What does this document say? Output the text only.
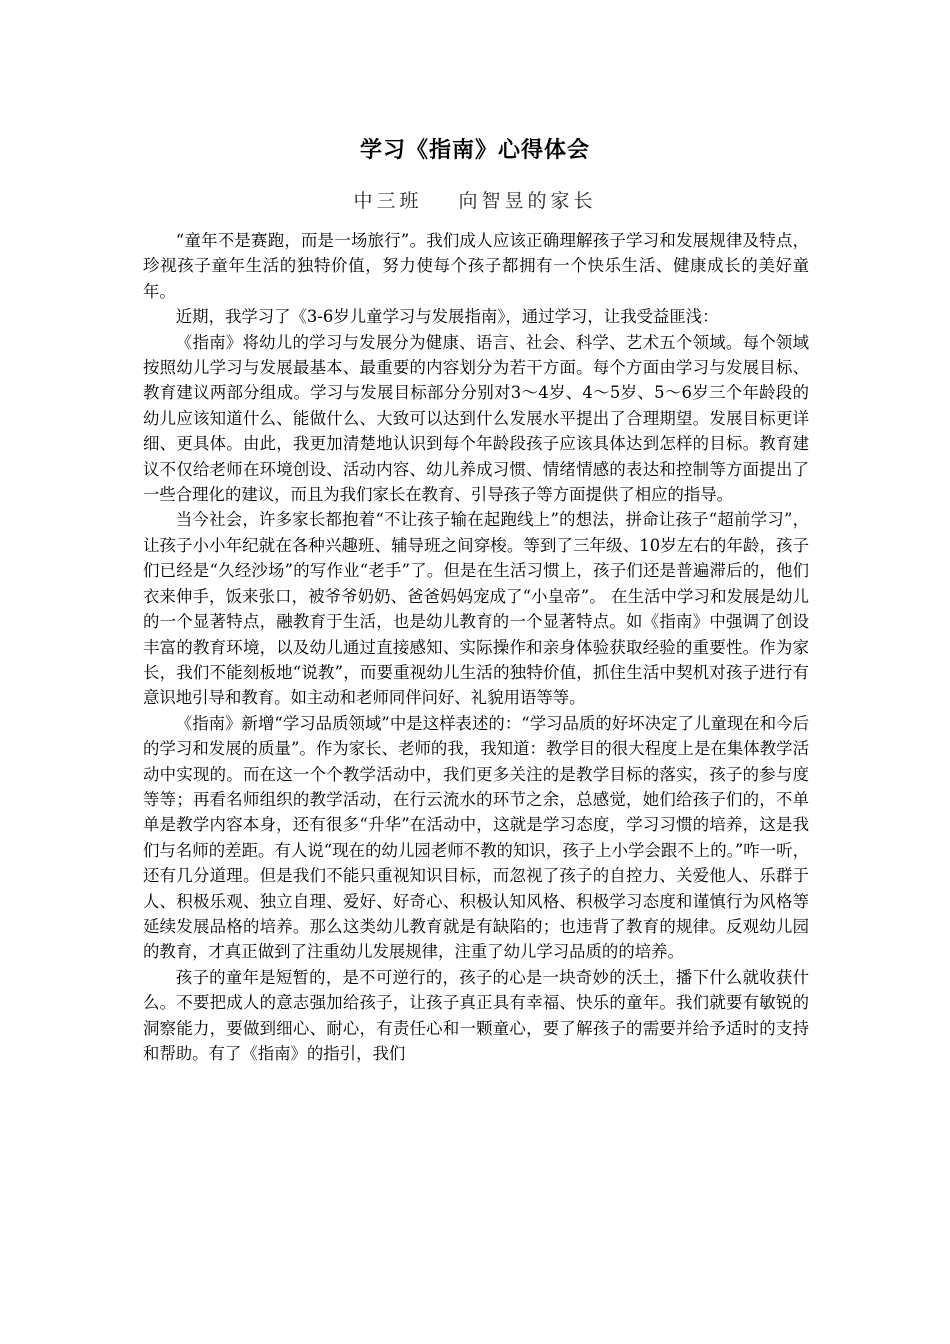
学习《指南》心得体会
中三班 向智昱的家长

“童年不是赛跑，而是一场旅行”。我们成人应该正确理解孩子学习和发展规律及特点，珍视孩子童年生活的独特价值，努力使每个孩子都拥有一个快乐生活、健康成长的美好童年。

近期，我学习了《3-6岁儿童学习与发展指南》，通过学习，让我受益匪浅：

《指南》将幼儿的学习与发展分为健康、语言、社会、科学、艺术五个领域。每个领域按照幼儿学习与发展最基本、最重要的内容划分为若干方面。每个方面由学习与发展目标、教育建议两部分组成。学习与发展目标部分分别对3～4岁、4～5岁、5～6岁三个年龄段的幼儿应该知道什么、能做什么、大致可以达到什么发展水平提出了合理期望。发展目标更详细、更具体。由此，我更加清楚地认识到每个年龄段孩子应该具体达到怎样的目标。教育建议不仅给老师在环境创设、活动内容、幼儿养成习惯、情绪情感的表达和控制等方面提出了一些合理化的建议，而且为我们家长在教育、引导孩子等方面提供了相应的指导。

当今社会，许多家长都抱着“不让孩子输在起跑线上”的想法，拼命让孩子“超前学习”，让孩子小小年纪就在各种兴趣班、辅导班之间穿梭。等到了三年级、10岁左右的年龄，孩子们已经是“久经沙场”的写作业“老手”了。但是在生活习惯上，孩子们还是普遍滞后的，他们衣来伸手，饭来张口，被爷爷奶奶、爸爸妈妈宠成了“小皇帝”。 在生活中学习和发展是幼儿的一个显著特点，融教育于生活，也是幼儿教育的一个显著特点。如《指南》中强调了创设丰富的教育环境，以及幼儿通过直接感知、实际操作和亲身体验获取经验的重要性。作为家长，我们不能刻板地“说教”，而要重视幼儿生活的独特价值，抓住生活中契机对孩子进行有意识地引导和教育。如主动和老师同伴问好、礼貌用语等等。

《指南》新增“学习品质领域”中是这样表述的：“学习品质的好坏决定了儿童现在和今后的学习和发展的质量”。作为家长、老师的我，我知道：教学目的很大程度上是在集体教学活动中实现的。而在这一个个教学活动中，我们更多关注的是教学目标的落实，孩子的参与度等等；再看名师组织的教学活动，在行云流水的环节之余，总感觉，她们给孩子们的，不单单是教学内容本身，还有很多“升华”在活动中，这就是学习态度，学习习惯的培养，这是我们与名师的差距。有人说“现在的幼儿园老师不教的知识，孩子上小学会跟不上的。”咋一听，还有几分道理。但是我们不能只重视知识目标，而忽视了孩子的自控力、关爱他人、乐群于人、积极乐观、独立自理、爱好、好奇心、积极认知风格、积极学习态度和谨慎行为风格等延续发展品格的培养。那么这类幼儿教育就是有缺陷的；也违背了教育的规律。反观幼儿园的教育，才真正做到了注重幼儿发展规律，注重了幼儿学习品质的的培养。

孩子的童年是短暂的，是不可逆行的，孩子的心是一块奇妙的沃土，播下什么就收获什么。不要把成人的意志强加给孩子，让孩子真正具有幸福、快乐的童年。我们就要有敏锐的洞察能力，要做到细心、耐心，有责任心和一颗童心，要了解孩子的需要并给予适时的支持和帮助。有了《指南》的指引，我们
